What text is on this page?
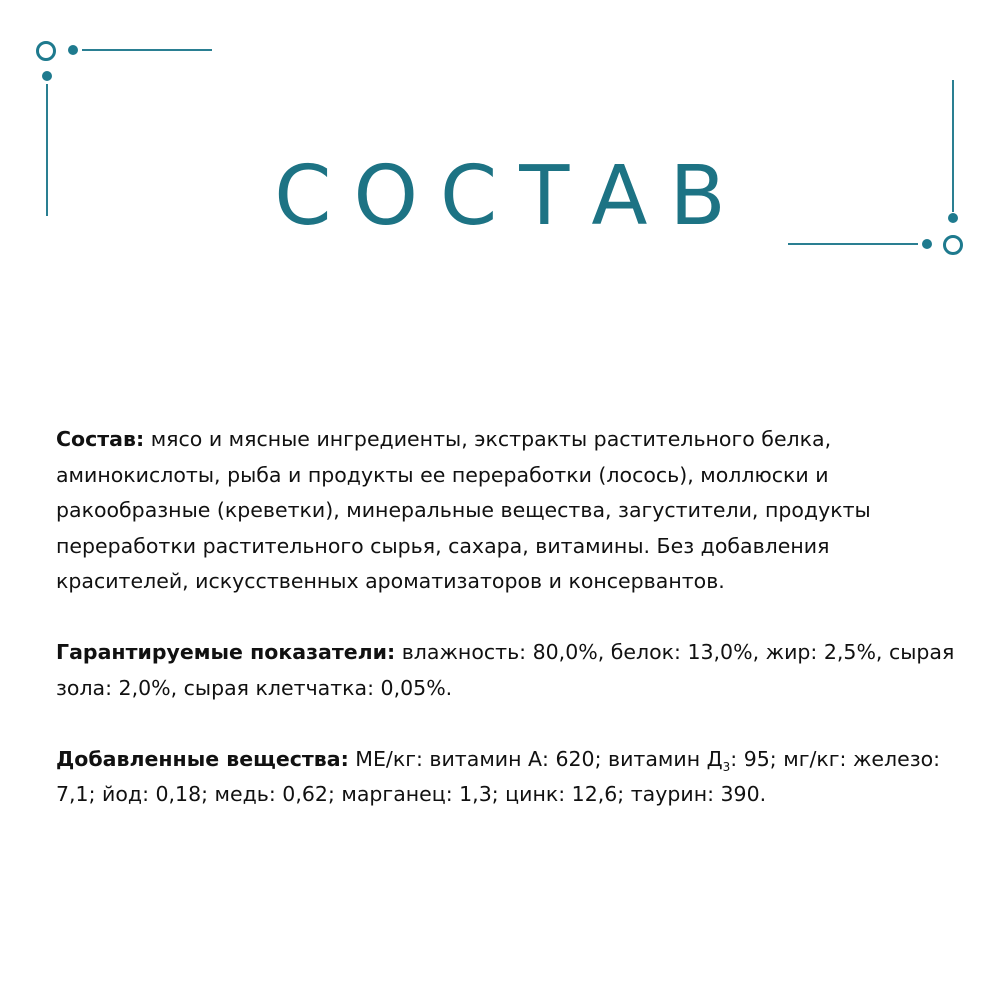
СОСТАВ

Состав: мясо и мясные ингредиенты, экстракты растительного белка, аминокислоты, рыба и продукты ее переработки (лосось), моллюски и ракообразные (креветки), минеральные вещества, загустители, продукты переработки растительного сырья, сахара, витамины. Без добавления красителей, искусственных ароматизаторов и консервантов.

Гарантируемые показатели: влажность: 80,0%, белок: 13,0%, жир: 2,5%, сырая зола: 2,0%, сырая клетчатка: 0,05%.

Добавленные вещества: МЕ/кг: витамин А: 620; витамин $Д_3$: 95; мг/кг: железо: 7,1; йод: 0,18; медь: 0,62; марганец: 1,3; цинк: 12,6; таурин: 390.
